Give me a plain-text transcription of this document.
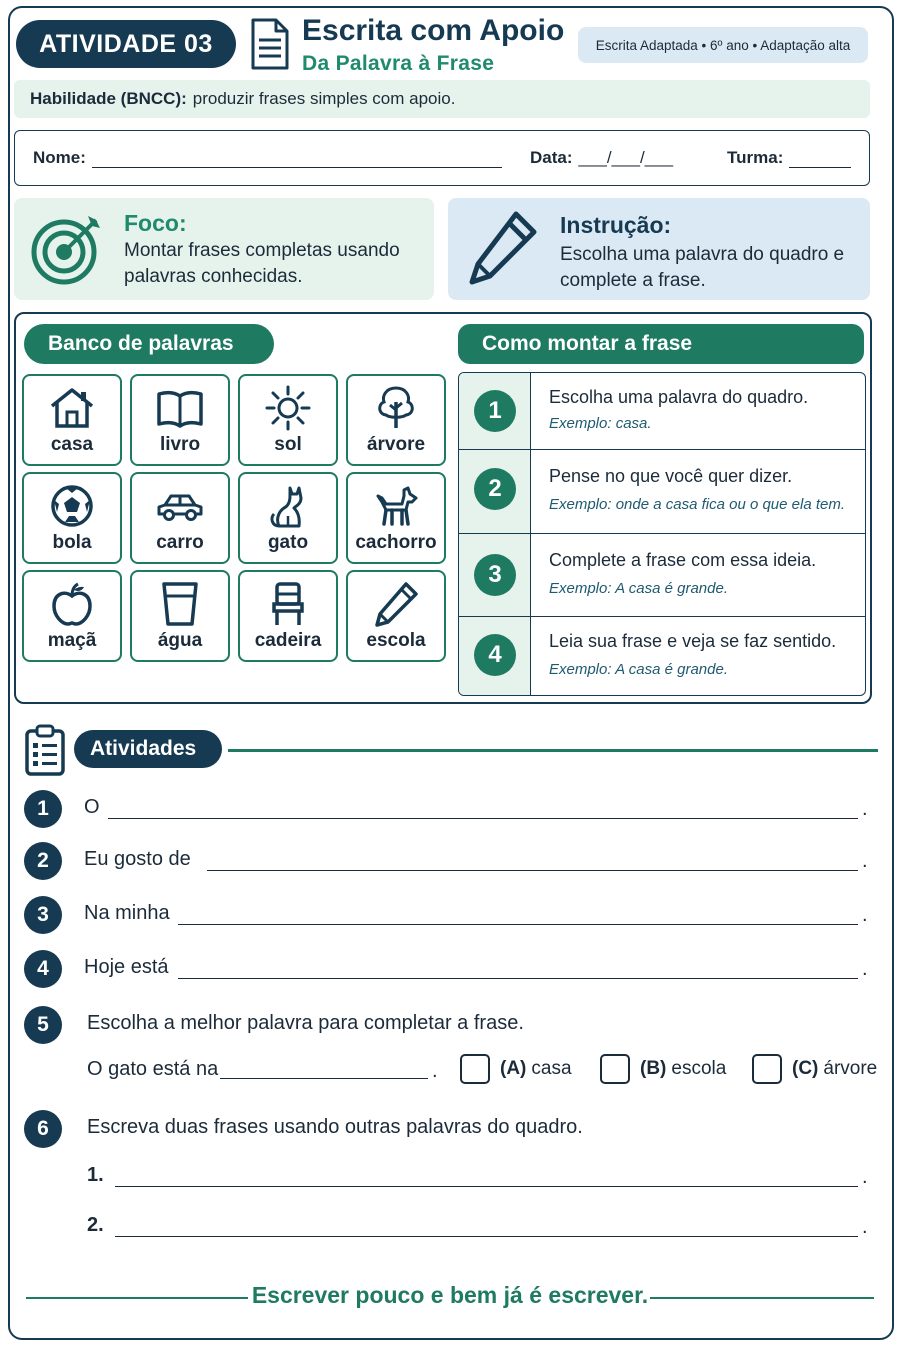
ATIVIDADE 03	Escrita com Apoio
Da Palavra à Frase
Escrita Adaptada • 6º ano • Adaptação alta
Habilidade (BNCC): produzir frases simples com apoio.
Nome:	Data: ___/___/___	Turma:
Foco:

Montar frases completas usando palavras conhecidas.

Instrução:

Escolha uma palavra do quadro e complete a frase.

Banco de palavras	Como montar a frase
casa	livro	sol	árvore
bola	carro	gato	cachorro
maçã	água	cadeira	escola
1	Escolha uma palavra do quadro.
Exemplo: casa.
2	Pense no que você quer dizer.
Exemplo: onde a casa fica ou o que ela tem.
3
Complete a frase com essa ideia.
Exemplo: A casa é grande.
4	Leia sua frase e veja se faz sentido.
Exemplo: A casa é grande.
Atividades
1	O	.
2	Eu gosto de	.
3	Na minha	.
4	Hoje está	.
5	Escolha a melhor palavra para completar a frase.
O gato está na	.	(A) casa	(B) escola	(C) árvore
6	Escreva duas frases usando outras palavras do quadro.
1.	.
2.	.
Escrever pouco e bem já é escrever.
